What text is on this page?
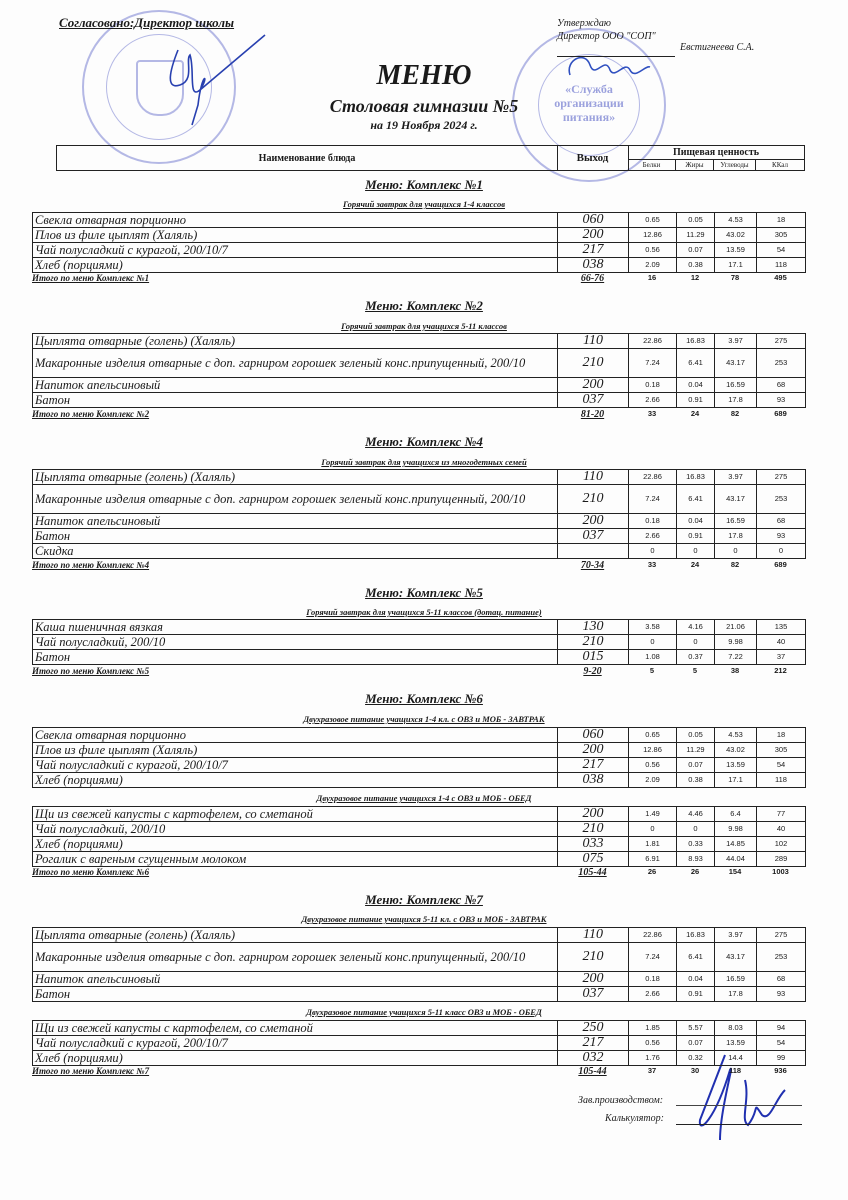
«Служба
организации
питания»
Согласовано:Директор школы	Утверждаю
Директор ООО "СОП"
Евстигнеева С.А.
МЕНЮ
Столовая гимназии №5
на 19 Ноября 2024 г.
Наименование блюда	Выход	Пищевая ценность
Белки	Жиры	Углеводы	ККал
Меню: Комплекс №1
Горячий завтрак для учащихся 1-4 классов
Свекла отварная порционно	060	0.65	0.05	4.53	18
Плов из филе цыплят (Халяль)	200	12.86	11.29	43.02	305
Чай полусладкий с курагой, 200/10/7	217	0.56	0.07	13.59	54
Хлеб (порциями)	038	2.09	0.38	17.1	118
Итого по меню Комплекс №1	66-76	16	12	78	495
Меню: Комплекс №2
Горячий завтрак для учащихся 5-11 классов
Цыплята отварные (голень) (Халяль)	110	22.86	16.83	3.97	275
Макаронные изделия отварные с доп. гарниром горошек зеленый конс.припущенный, 200/10	210	7.24	6.41	43.17	253
Напиток апельсиновый	200	0.18	0.04	16.59	68
Батон	037	2.66	0.91	17.8	93
Итого по меню Комплекс №2	81-20	33	24	82	689
Меню: Комплекс №4
Горячий завтрак для учащихся из многодетных семей
Цыплята отварные (голень) (Халяль)	110	22.86	16.83	3.97	275
Макаронные изделия отварные с доп. гарниром горошек зеленый конс.припущенный, 200/10	210	7.24	6.41	43.17	253
Напиток апельсиновый	200	0.18	0.04	16.59	68
Батон	037	2.66	0.91	17.8	93
Скидка		0	0	0	0
Итого по меню Комплекс №4	70-34	33	24	82	689
Меню: Комплекс №5
Горячий завтрак для учащихся 5-11 классов (дотац. питание)
Каша пшеничная вязкая	130	3.58	4.16	21.06	135
Чай полусладкий, 200/10	210	0	0	9.98	40
Батон	015	1.08	0.37	7.22	37
Итого по меню Комплекс №5	9-20	5	5	38	212
Меню: Комплекс №6
Двухразовое питание учащихся 1-4 кл. с ОВЗ и МОБ - ЗАВТРАК
Свекла отварная порционно	060	0.65	0.05	4.53	18
Плов из филе цыплят (Халяль)	200	12.86	11.29	43.02	305
Чай полусладкий с курагой, 200/10/7	217	0.56	0.07	13.59	54
Хлеб (порциями)	038	2.09	0.38	17.1	118
Двухразовое питание учащихся 1-4 с ОВЗ и МОБ - ОБЕД
Щи из свежей капусты с картофелем, со сметаной	200	1.49	4.46	6.4	77
Чай полусладкий, 200/10	210	0	0	9.98	40
Хлеб (порциями)	033	1.81	0.33	14.85	102
Рогалик с вареным сгущенным молоком	075	6.91	8.93	44.04	289
Итого по меню Комплекс №6	105-44	26	26	154	1003
Меню: Комплекс №7
Двухразовое питание учащихся 5-11 кл. с ОВЗ и МОБ - ЗАВТРАК
Цыплята отварные (голень) (Халяль)	110	22.86	16.83	3.97	275
Макаронные изделия отварные с доп. гарниром горошек зеленый конс.припущенный, 200/10	210	7.24	6.41	43.17	253
Напиток апельсиновый	200	0.18	0.04	16.59	68
Батон	037	2.66	0.91	17.8	93
Двухразовое питание учащихся 5-11 класс ОВЗ и МОБ - ОБЕД
Щи из свежей капусты с картофелем, со сметаной	250	1.85	5.57	8.03	94
Чай полусладкий с курагой, 200/10/7	217	0.56	0.07	13.59	54
Хлеб (порциями)	032	1.76	0.32	14.4	99
Итого по меню Комплекс №7	105-44	37	30	118	936
Зав.производством:
Калькулятор:
